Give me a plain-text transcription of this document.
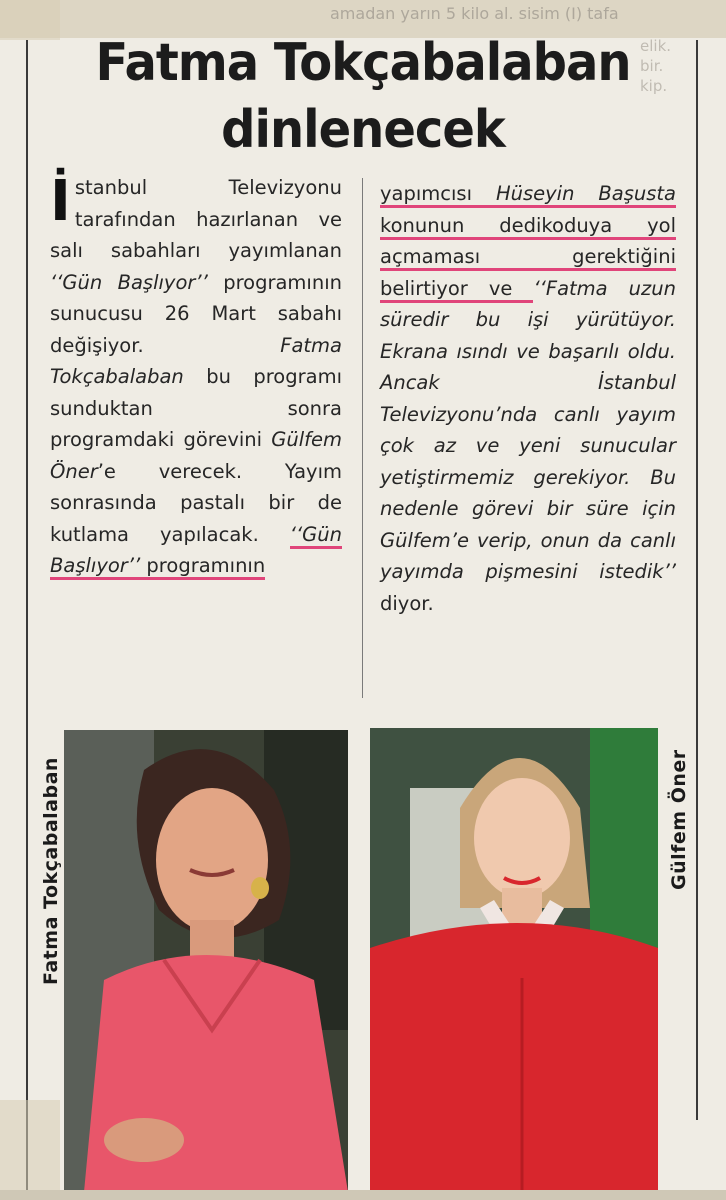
amadan yarın 5 kilo al. sisim (I) tafa
elik.
bir.
kip.
Fatma Tokçabalaban
dinlenecek
İstanbul Televizyonu tarafından hazırlanan ve salı sabahları yayımlanan ‘‘Gün Başlıyor’’ programının sunucusu 26 Mart sabahı değişiyor. Fatma Tokçabalaban bu programı sunduktan sonra programdaki görevini Gülfem Öner’e verecek. Yayım sonrasında pastalı bir de kutlama yapılacak. ‘‘Gün Başlıyor’’ programının
yapımcısı Hüseyin Başusta konunun dedikoduya yol açmaması gerektiğini belirtiyor ve ‘‘Fatma uzun süredir bu işi yürütüyor. Ekrana ısındı ve başarılı oldu. Ancak İstanbul Televizyonu’nda canlı yayım çok az ve yeni sunucular yetiştirmemiz gerekiyor. Bu nedenle görevi bir süre için Gülfem’e verip, onun da canlı yayımda pişmesini istedik’’ diyor.
Fatma Tokçabalaban	Gülfem Öner
